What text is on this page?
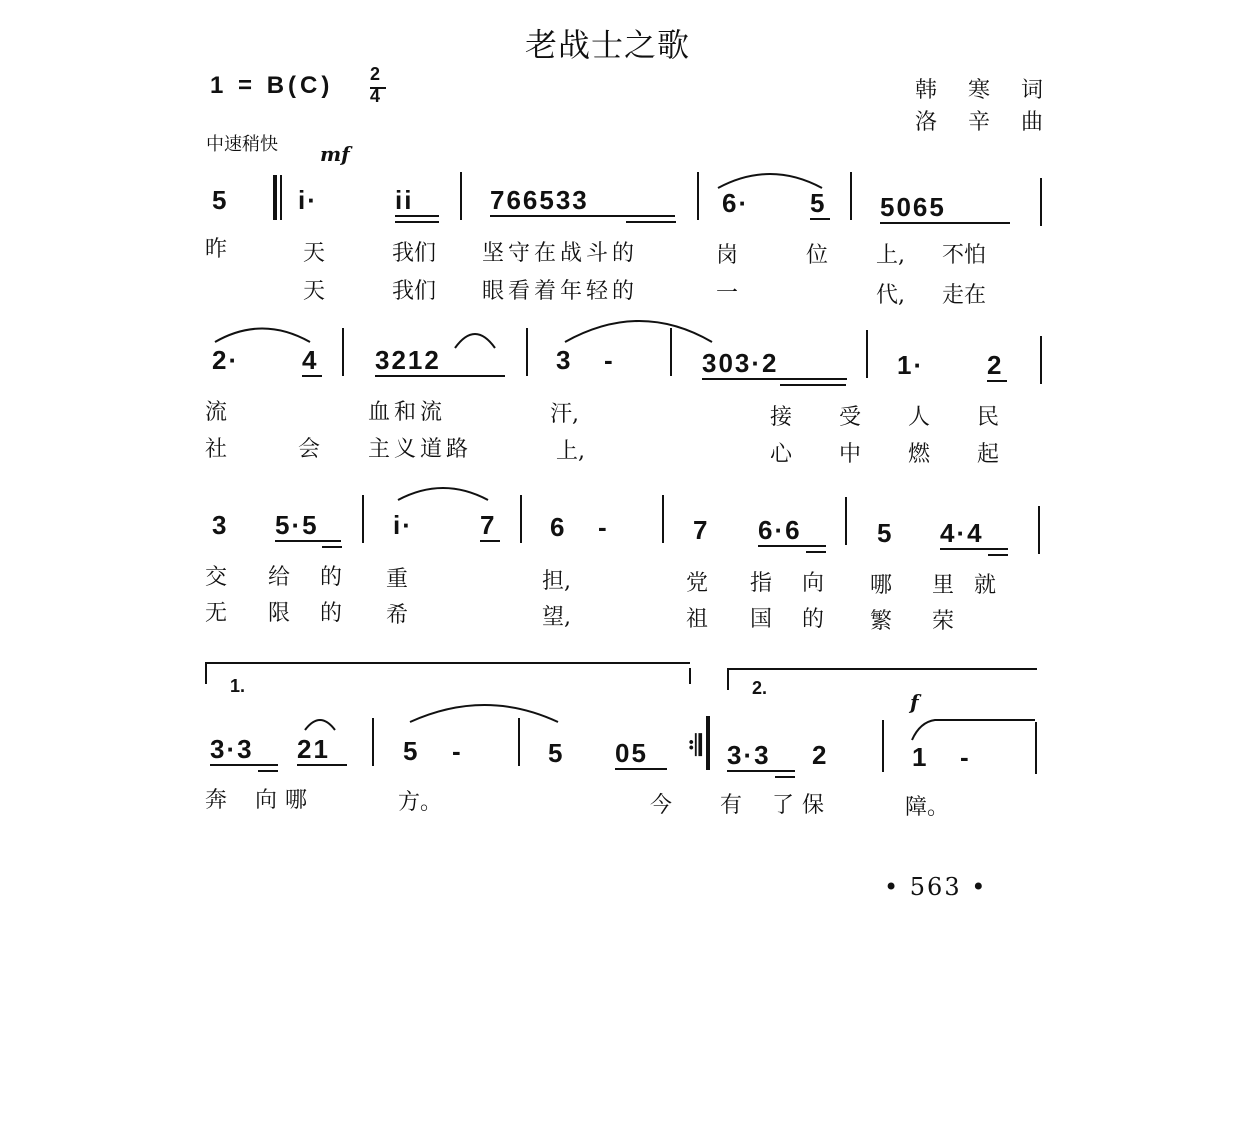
老战士之歌
1 = B(C) 2
4	韩 寒 词
洛 辛 曲
中速稍快 mf
5	i·	ii	766533	6· 5 5065
昨	天	我们 坚守在战斗的	岗	位 上, 不怕
天	我们 眼看着年轻的	一	代, 走在
2· 4 3212	3 -	303·2	1· 2
流	血和流	汗,	接 受 人 民
社	会 主义道路	上,	心 中 燃 起
3 5·5	i·	7 6 -	7 6·6	5 4·4
交 给 的 重	担,	党 指 向 哪 里就
无 限 的 希	望,	祖 国 的 繁 荣
1.	2.
f
3·3 21	5 -	5 05 𝄇 3·3 2	1 -
奔 向哪	方。	今 有 了保	障。
• 563 •
